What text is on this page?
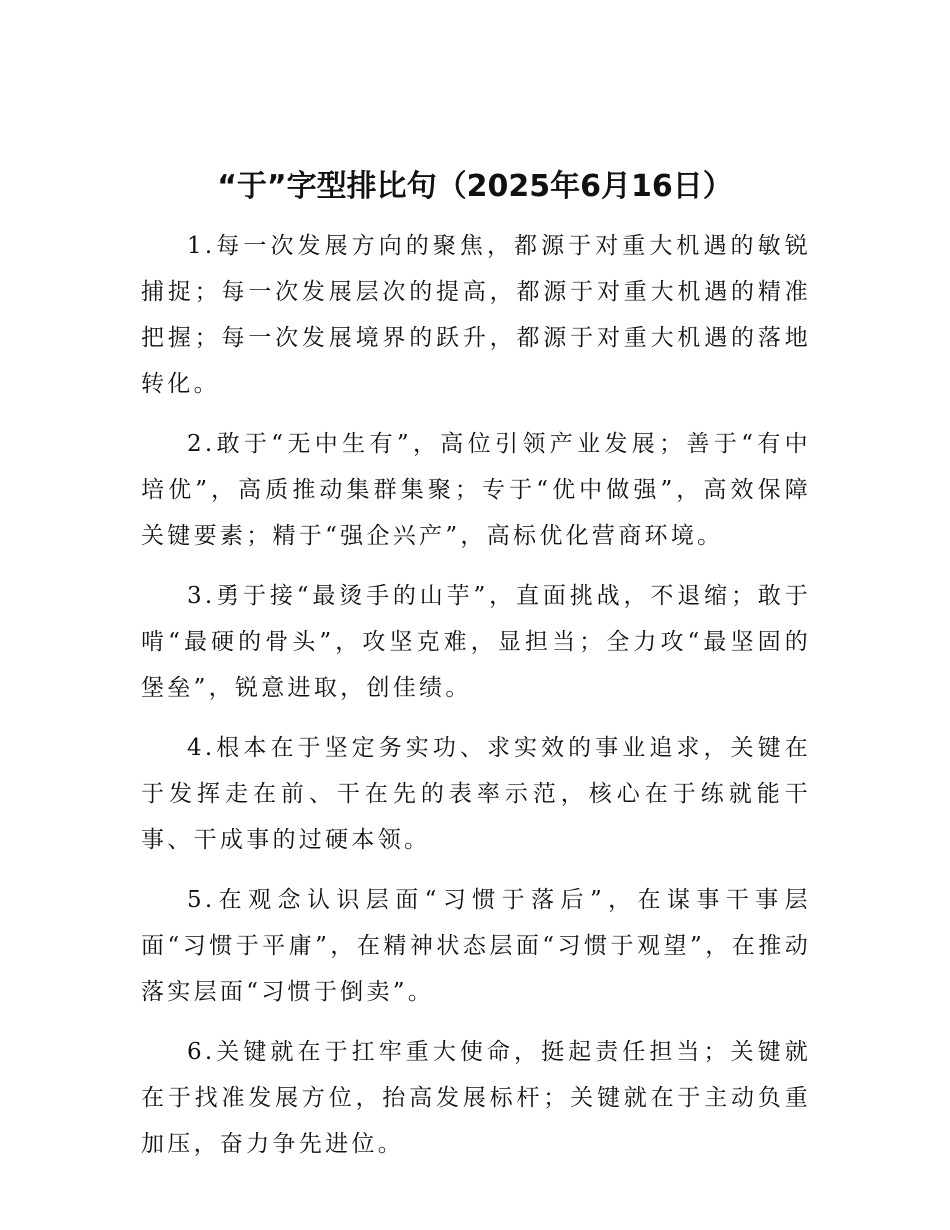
“于”字型排比句（2025年6月16日）

1.每一次发展方向的聚焦，都源于对重大机遇的敏锐捕捉；每一次发展层次的提高，都源于对重大机遇的精准把握；每一次发展境界的跃升，都源于对重大机遇的落地转化。

2.敢于“无中生有”，高位引领产业发展；善于“有中培优”，高质推动集群集聚；专于“优中做强”，高效保障关键要素；精于“强企兴产”，高标优化营商环境。

3.勇于接“最烫手的山芋”，直面挑战，不退缩；敢于啃“最硬的骨头”，攻坚克难，显担当；全力攻“最坚固的堡垒”，锐意进取，创佳绩。

4.根本在于坚定务实功、求实效的事业追求，关键在于发挥走在前、干在先的表率示范，核心在于练就能干事、干成事的过硬本领。

5.在观念认识层面“习惯于落后”，在谋事干事层面“习惯于平庸”，在精神状态层面“习惯于观望”，在推动落实层面“习惯于倒卖”。

6.关键就在于扛牢重大使命，挺起责任担当；关键就在于找准发展方位，抬高发展标杆；关键就在于主动负重加压，奋力争先进位。
